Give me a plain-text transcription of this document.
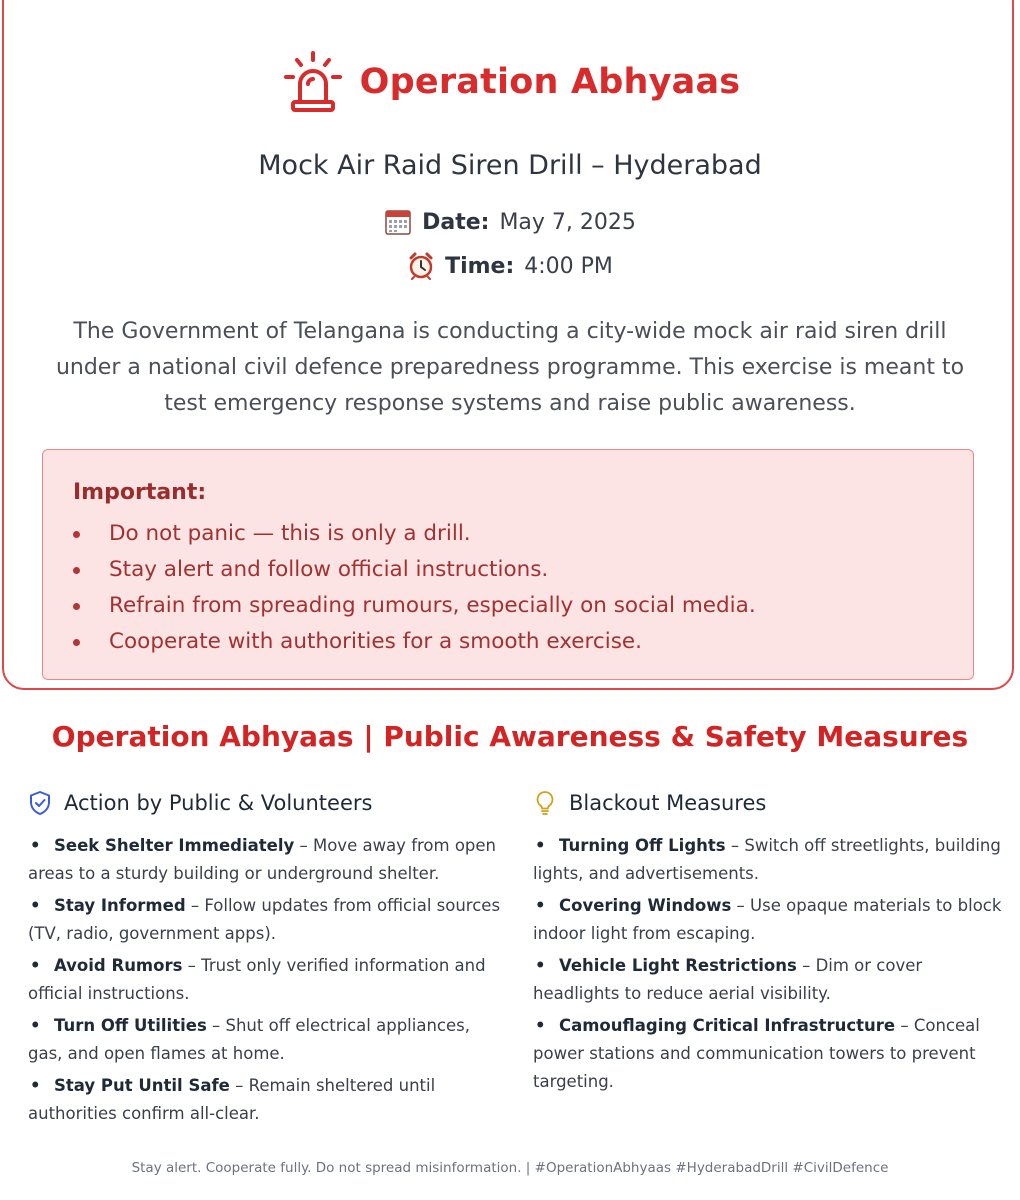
Operation Abhyaas
Mock Air Raid Siren Drill – Hyderabad
Date: May 7, 2025
Time: 4:00 PM
The Government of Telangana is conducting a city-wide mock air raid siren drill under a national civil defence preparedness programme. This exercise is meant to test emergency response systems and raise public awareness.
Important:
Do not panic — this is only a drill.
Stay alert and follow official instructions.
Refrain from spreading rumours, especially on social media.
Cooperate with authorities for a smooth exercise.
Operation Abhyaas | Public Awareness & Safety Measures
Action by Public & Volunteers
• Seek Shelter Immediately – Move away from open areas to a sturdy building or underground shelter.
• Stay Informed – Follow updates from official sources (TV, radio, government apps).
• Avoid Rumors – Trust only verified information and official instructions.
• Turn Off Utilities – Shut off electrical appliances, gas, and open flames at home.
• Stay Put Until Safe – Remain sheltered until authorities confirm all-clear.
Blackout Measures
• Turning Off Lights – Switch off streetlights, building lights, and advertisements.
• Covering Windows – Use opaque materials to block indoor light from escaping.
• Vehicle Light Restrictions – Dim or cover headlights to reduce aerial visibility.
• Camouflaging Critical Infrastructure – Conceal power stations and communication towers to prevent targeting.
Stay alert. Cooperate fully. Do not spread misinformation. | #OperationAbhyaas #HyderabadDrill #CivilDefence
